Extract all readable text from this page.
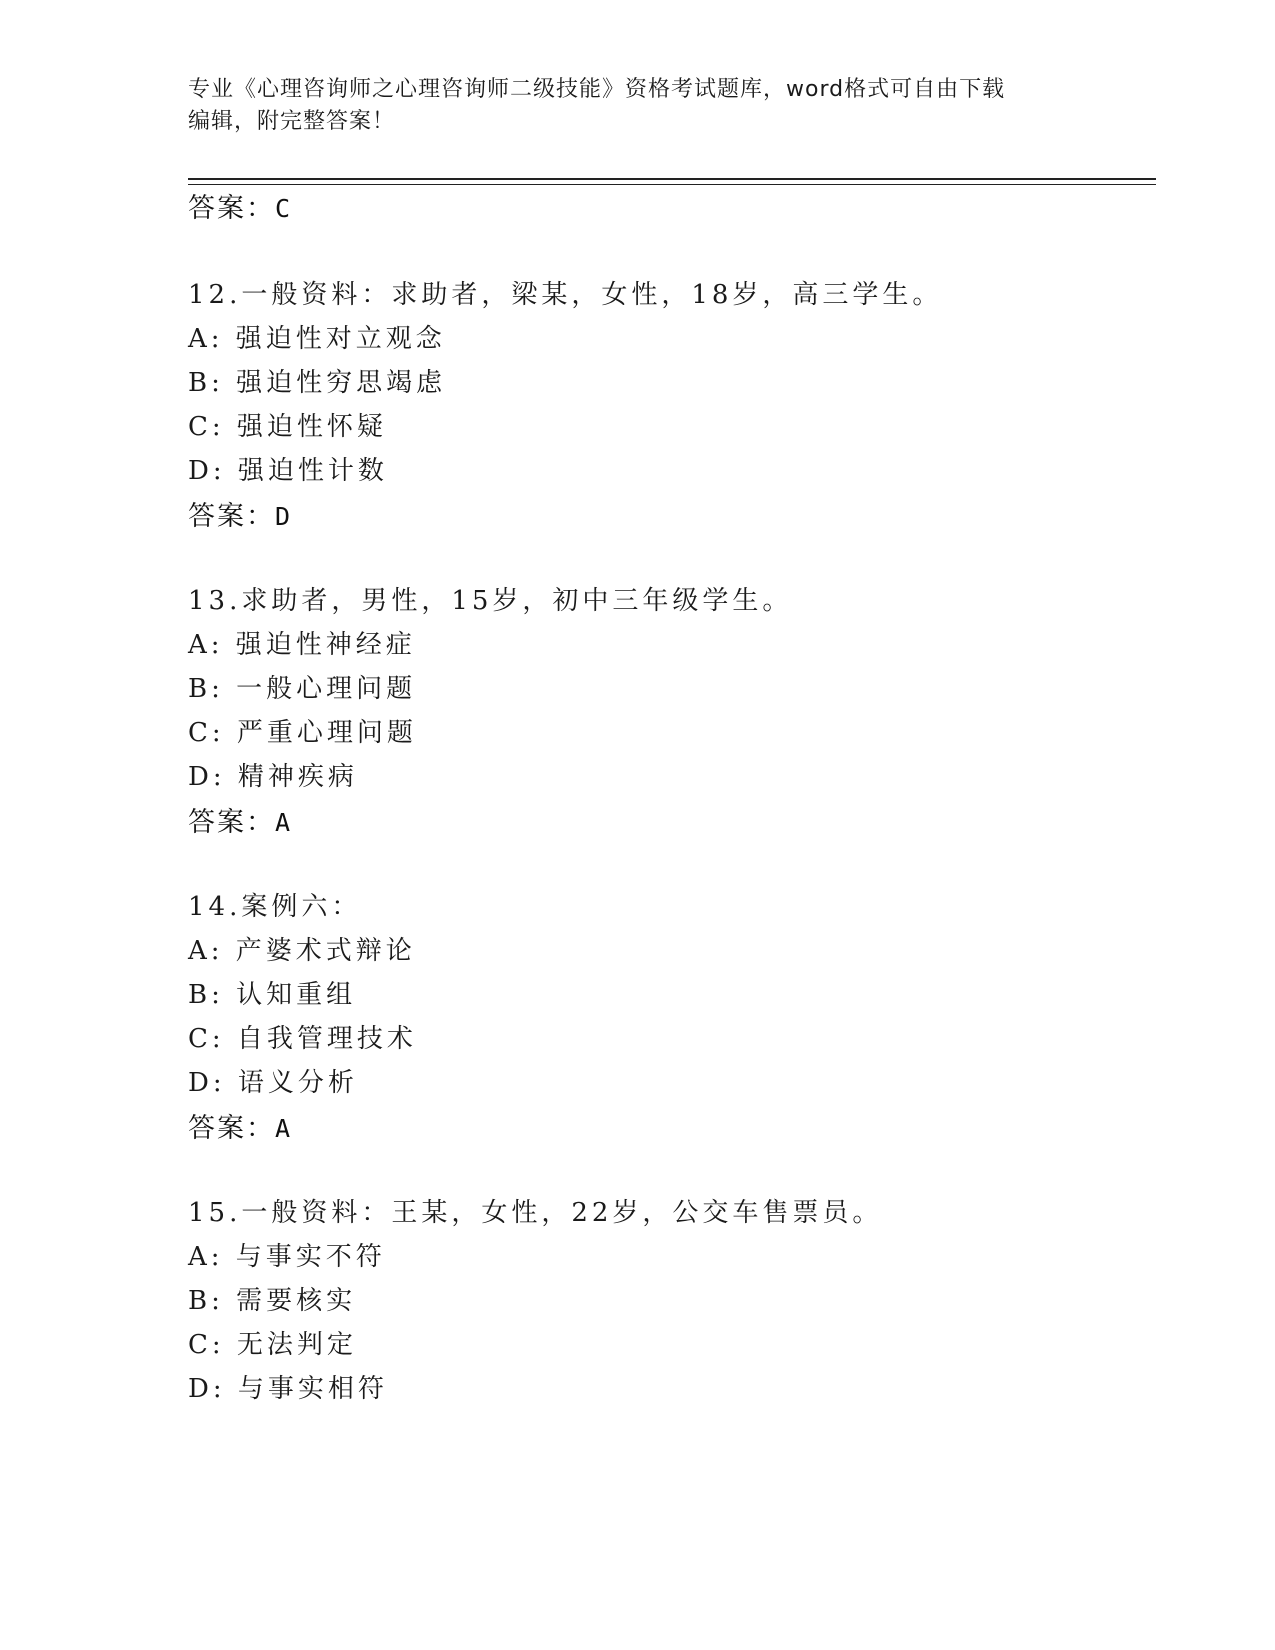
专业《心理咨询师之心理咨询师二级技能》资格考试题库，word格式可自由下载
编辑，附完整答案！
答案：C
12.一般资料：求助者，梁某，女性，18岁，高三学生。
A: 强迫性对立观念
B: 强迫性穷思竭虑
C: 强迫性怀疑
D: 强迫性计数
答案：D
13.求助者，男性，15岁，初中三年级学生。
A: 强迫性神经症
B: 一般心理问题
C: 严重心理问题
D: 精神疾病
答案：A
14.案例六：
A: 产婆术式辩论
B: 认知重组
C: 自我管理技术
D: 语义分析
答案：A
15.一般资料：王某，女性，22岁，公交车售票员。
A: 与事实不符
B: 需要核实
C: 无法判定
D: 与事实相符
